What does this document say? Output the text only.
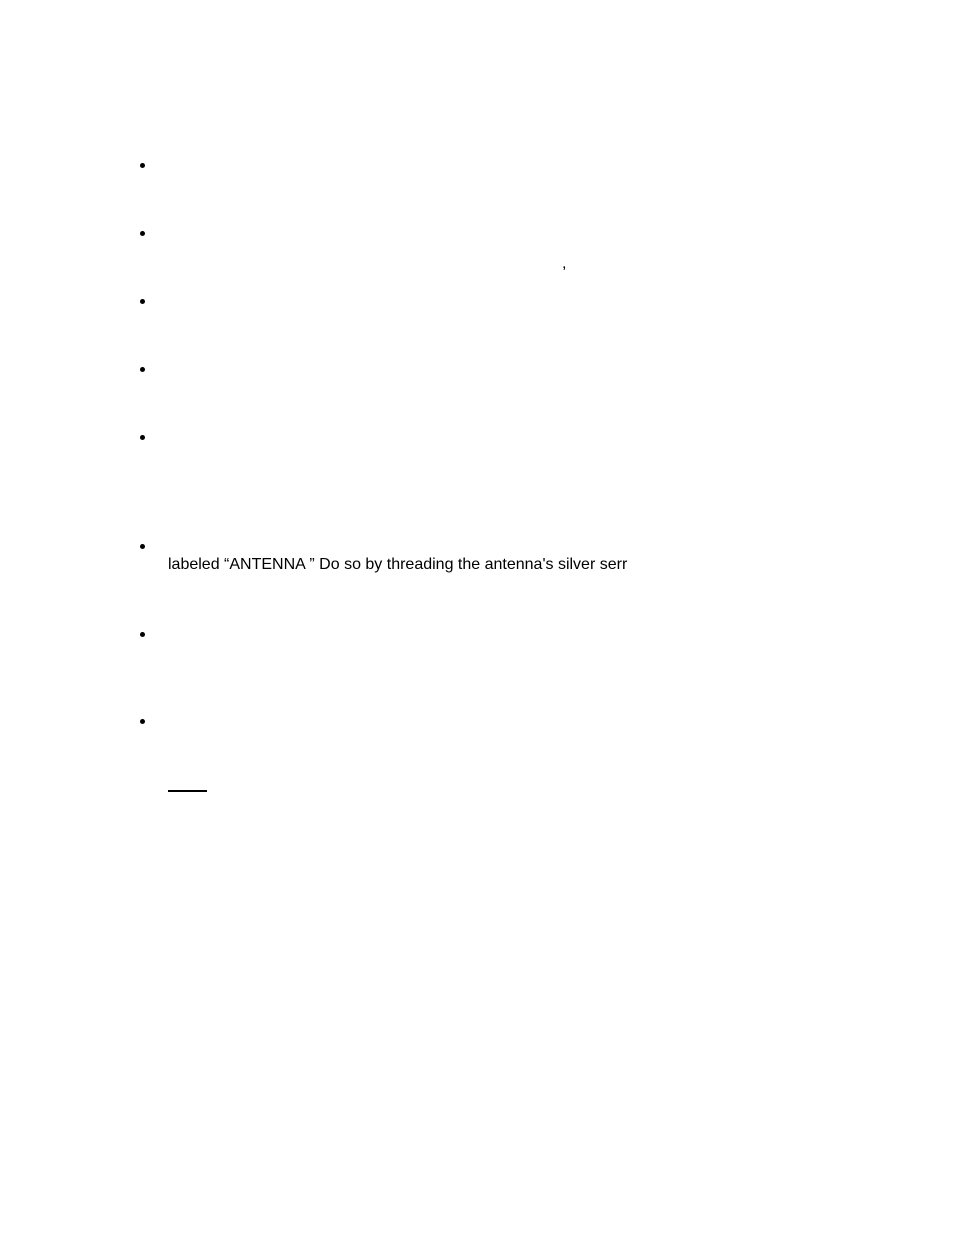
,
labeled “ANTENNA ” Do so by threading the antenna's silver serr
